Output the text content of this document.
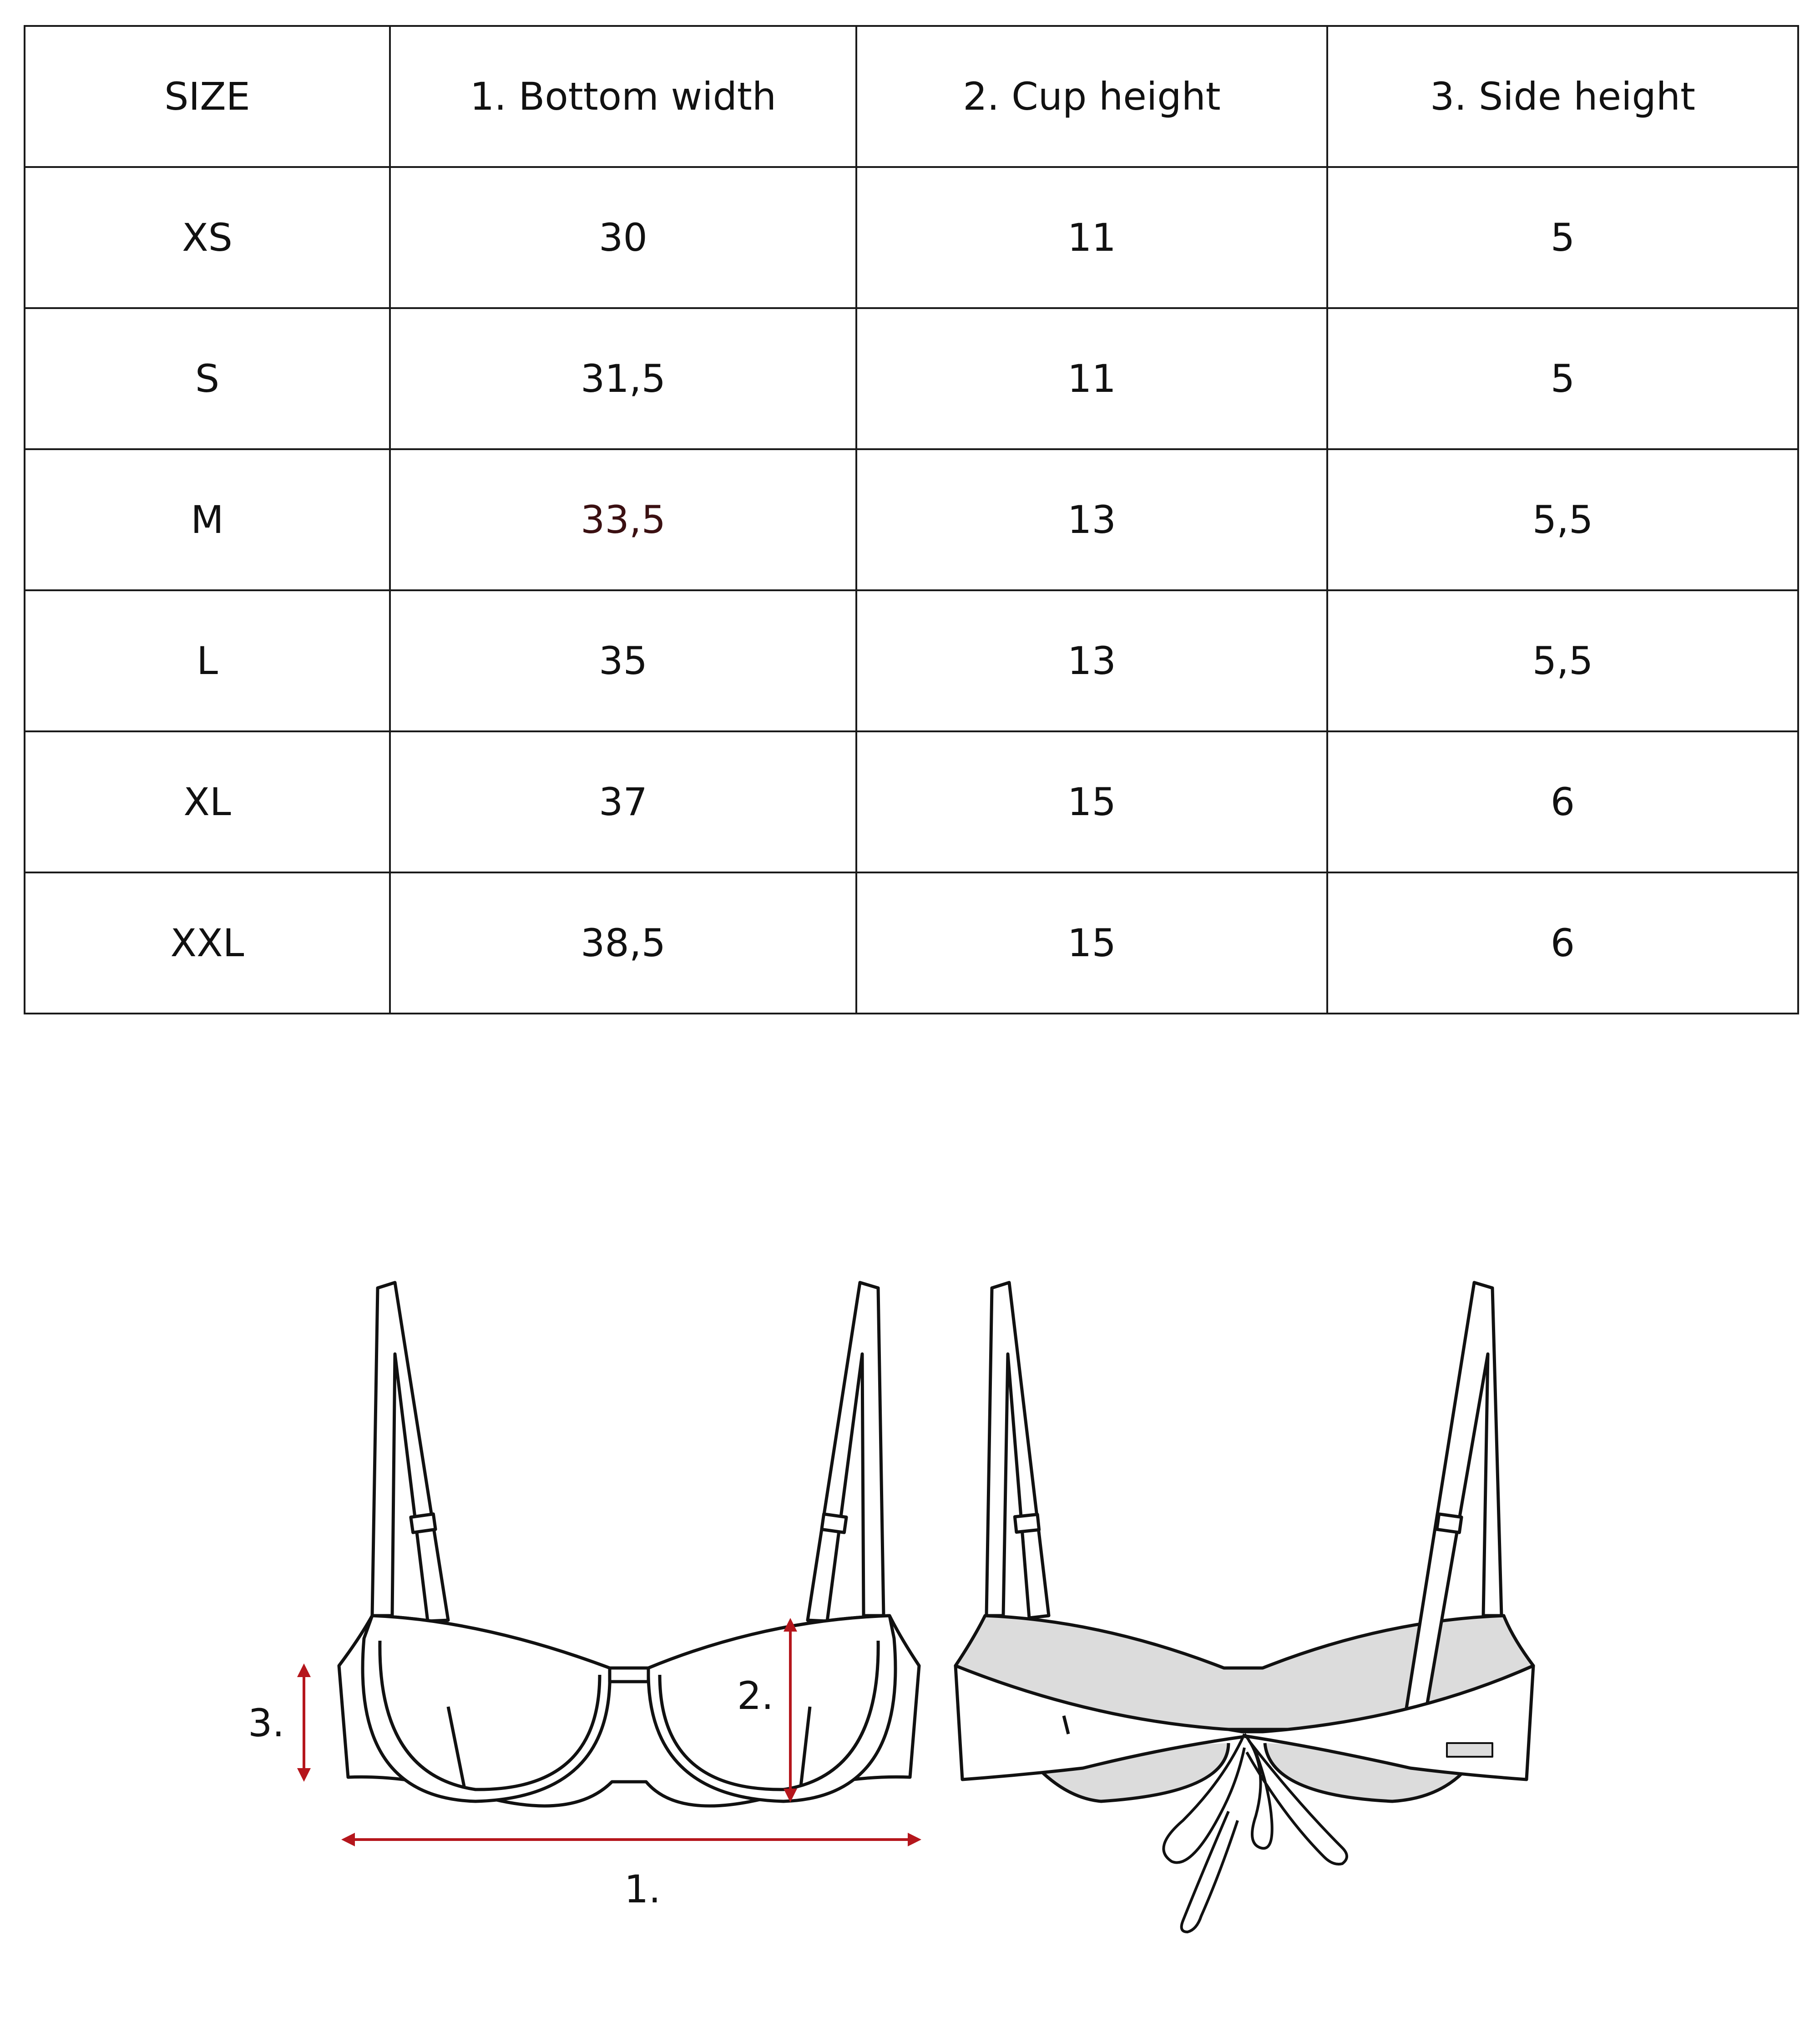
SIZE	1. Bottom width	2. Cup height	3. Side height
XS	30	11	5
S	31,5	11	5
M	33,5	13	5,5
L	35	13	5,5
XL	37	15	6
XXL	38,5	15	6
3.
2.
1.
